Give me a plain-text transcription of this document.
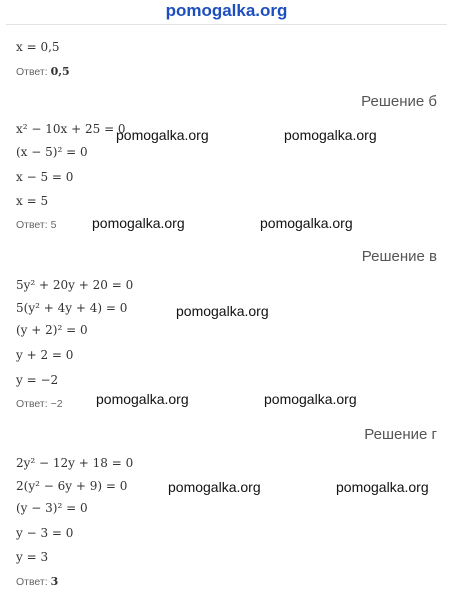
pomogalka.org
x = 0,5
Ответ: 0,5
Решение б
x² − 10x + 25 = 0
(x − 5)² = 0
x − 5 = 0
x = 5
Ответ: 5
pomogalka.org	pomogalka.org
pomogalka.org	pomogalka.org
Решение в
5y² + 20y + 20 = 0
5(y² + 4y + 4) = 0
(y + 2)² = 0
y + 2 = 0
y = −2
Ответ: −2
pomogalka.org
pomogalka.org	pomogalka.org
Решение г
2y² − 12y + 18 = 0
2(y² − 6y + 9) = 0
(y − 3)² = 0
y − 3 = 0
y = 3
Ответ: 3
pomogalka.org	pomogalka.org
